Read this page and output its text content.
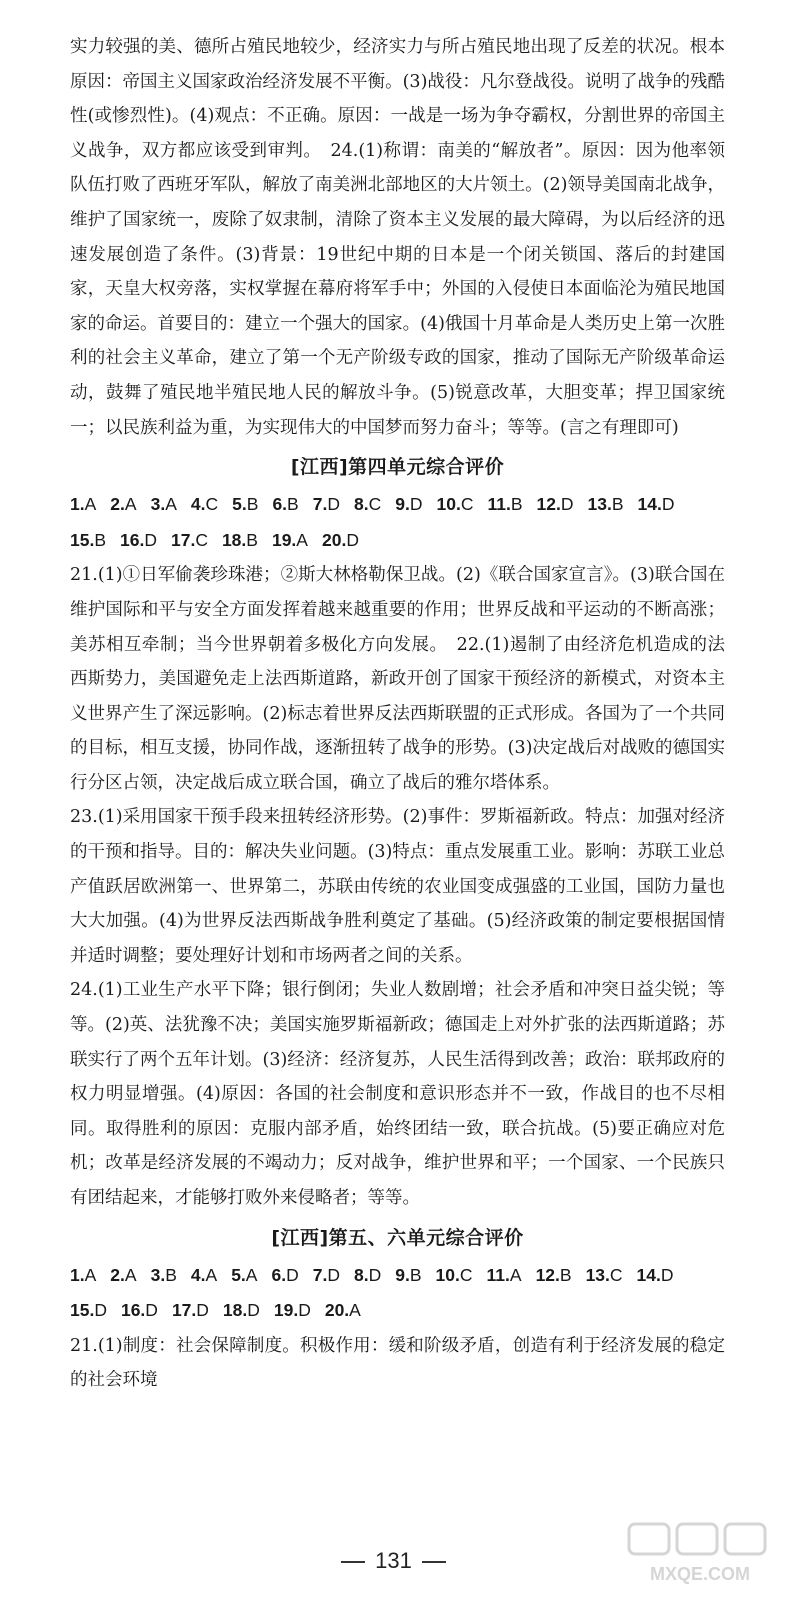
实力较强的美、德所占殖民地较少，经济实力与所占殖民地出现了反差的状况。根本原因：帝国主义国家政治经济发展不平衡。(3)战役：凡尔登战役。说明了战争的残酷性(或惨烈性)。(4)观点：不正确。原因：一战是一场为争夺霸权，分割世界的帝国主义战争，双方都应该受到审判。　24.(1)称谓：南美的“解放者”。原因：因为他率领队伍打败了西班牙军队，解放了南美洲北部地区的大片领土。(2)领导美国南北战争，维护了国家统一，废除了奴隶制，清除了资本主义发展的最大障碍，为以后经济的迅速发展创造了条件。(3)背景：19世纪中期的日本是一个闭关锁国、落后的封建国家，天皇大权旁落，实权掌握在幕府将军手中；外国的入侵使日本面临沦为殖民地国家的命运。首要目的：建立一个强大的国家。(4)俄国十月革命是人类历史上第一次胜利的社会主义革命，建立了第一个无产阶级专政的国家，推动了国际无产阶级革命运动，鼓舞了殖民地半殖民地人民的解放斗争。(5)锐意改革，大胆变革；捍卫国家统一；以民族利益为重，为实现伟大的中国梦而努力奋斗；等等。(言之有理即可)

[江西]第四单元综合评价
1.A 2.A 3.A 4.C 5.B 6.B 7.D 8.C 9.D 10.C 11.B 12.D 13.B 14.D15.B 16.D 17.C 18.B 19.A 20.D

21.(1)①日军偷袭珍珠港；②斯大林格勒保卫战。(2)《联合国家宣言》。(3)联合国在维护国际和平与安全方面发挥着越来越重要的作用；世界反战和平运动的不断高涨；美苏相互牵制；当今世界朝着多极化方向发展。　22.(1)遏制了由经济危机造成的法西斯势力，美国避免走上法西斯道路，新政开创了国家干预经济的新模式，对资本主义世界产生了深远影响。(2)标志着世界反法西斯联盟的正式形成。各国为了一个共同的目标，相互支援，协同作战，逐渐扭转了战争的形势。(3)决定战后对战败的德国实行分区占领，决定战后成立联合国，确立了战后的雅尔塔体系。

23.(1)采用国家干预手段来扭转经济形势。(2)事件：罗斯福新政。特点：加强对经济的干预和指导。目的：解决失业问题。(3)特点：重点发展重工业。影响：苏联工业总产值跃居欧洲第一、世界第二，苏联由传统的农业国变成强盛的工业国，国防力量也大大加强。(4)为世界反法西斯战争胜利奠定了基础。(5)经济政策的制定要根据国情并适时调整；要处理好计划和市场两者之间的关系。

24.(1)工业生产水平下降；银行倒闭；失业人数剧增；社会矛盾和冲突日益尖锐；等等。(2)英、法犹豫不决；美国实施罗斯福新政；德国走上对外扩张的法西斯道路；苏联实行了两个五年计划。(3)经济：经济复苏，人民生活得到改善；政治：联邦政府的权力明显增强。(4)原因：各国的社会制度和意识形态并不一致，作战目的也不尽相同。取得胜利的原因：克服内部矛盾，始终团结一致，联合抗战。(5)要正确应对危机；改革是经济发展的不竭动力；反对战争，维护世界和平；一个国家、一个民族只有团结起来，才能够打败外来侵略者；等等。

[江西]第五、六单元综合评价
1.A 2.A 3.B 4.A 5.A 6.D 7.D 8.D 9.B 10.C 11.A 12.B 13.C 14.D15.D 16.D 17.D 18.D 19.D 20.A

21.(1)制度：社会保障制度。积极作用：缓和阶级矛盾，创造有利于经济发展的稳定的社会环境

131
MXQE.COM
